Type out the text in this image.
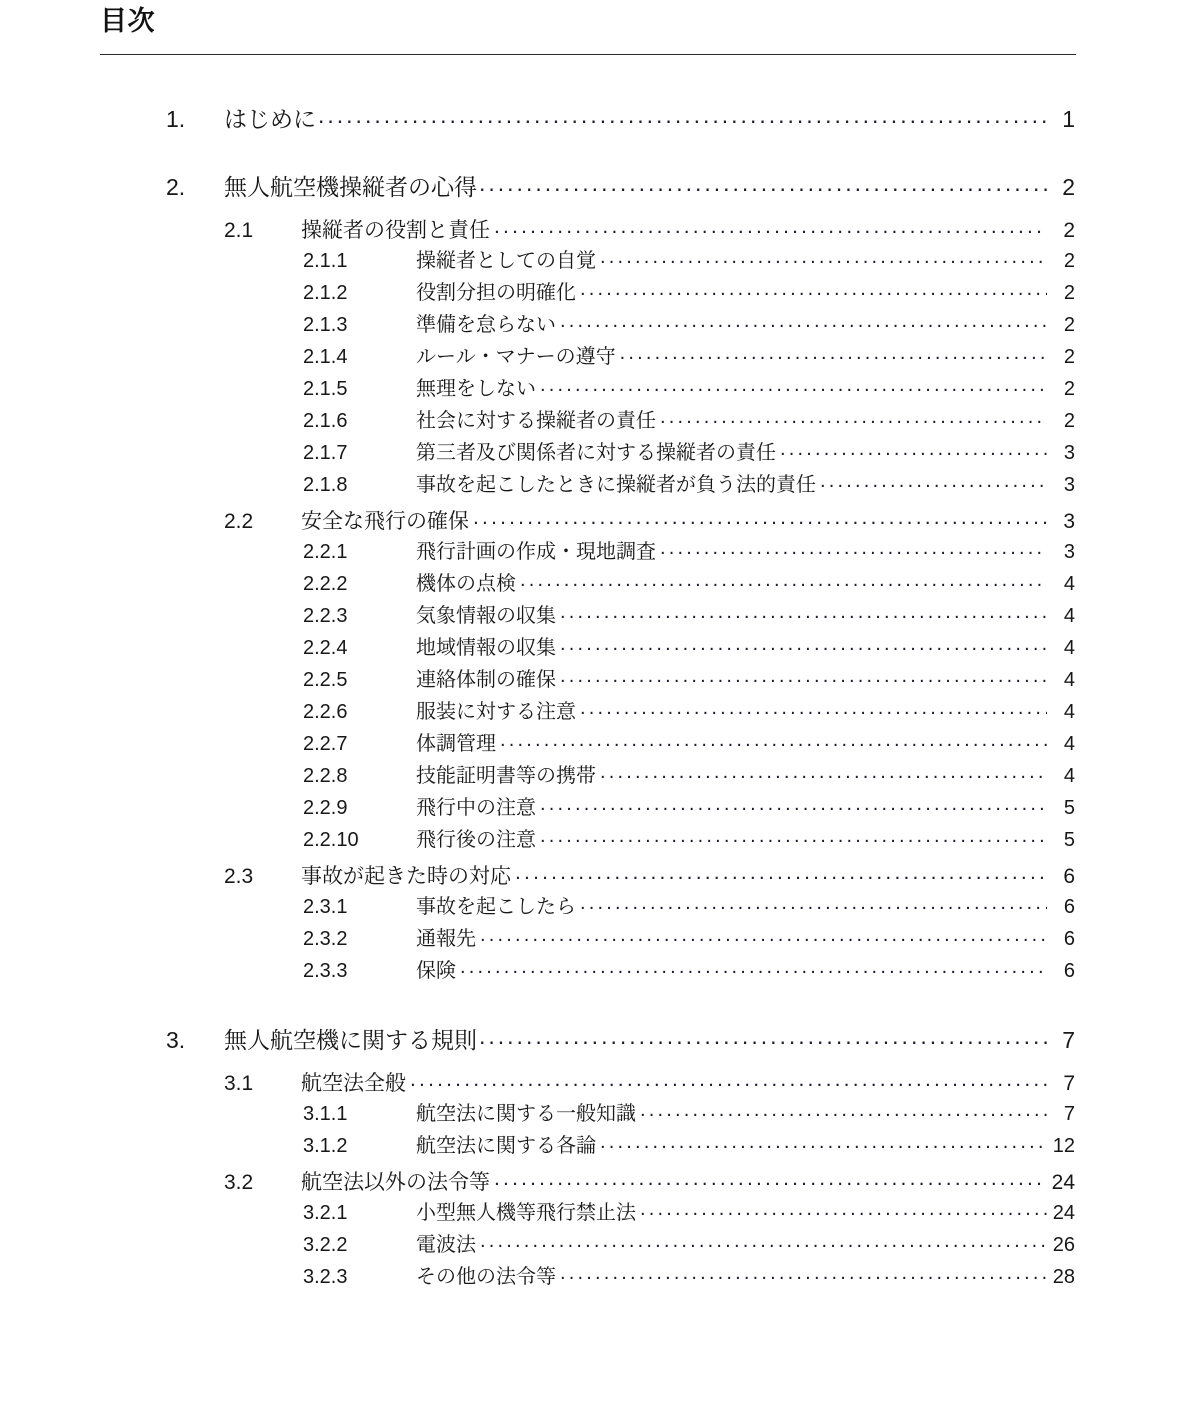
目次
1.	はじめに .....	1
2.	無人航空機操縦者の心得 .....	2
2.1	操縦者の役割と責任 .....	2
2.1.1	操縦者としての自覚 .....	2
2.1.2	役割分担の明確化 .....	2
2.1.3	準備を怠らない .....	2
2.1.4	ルール・マナーの遵守 .....	2
2.1.5	無理をしない .....	2
2.1.6	社会に対する操縦者の責任 .....	2
2.1.7	第三者及び関係者に対する操縦者の責任 .....	3
2.1.8	事故を起こしたときに操縦者が負う法的責任 .....	3
2.2	安全な飛行の確保 .....	3
2.2.1	飛行計画の作成・現地調査 .....	3
2.2.2	機体の点検 .....	4
2.2.3	気象情報の収集 .....	4
2.2.4	地域情報の収集 .....	4
2.2.5	連絡体制の確保 .....	4
2.2.6	服装に対する注意 .....	4
2.2.7	体調管理 .....	4
2.2.8	技能証明書等の携帯 .....	4
2.2.9	飛行中の注意 .....	5
2.2.10	飛行後の注意 .....	5
2.3	事故が起きた時の対応 .....	6
2.3.1	事故を起こしたら .....	6
2.3.2	通報先 .....	6
2.3.3	保険 .....	6
3.	無人航空機に関する規則 .....	7
3.1	航空法全般 .....	7
3.1.1	航空法に関する一般知識 .....	7
3.1.2	航空法に関する各論 .....	12
3.2	航空法以外の法令等 .....	24
3.2.1	小型無人機等飛行禁止法 .....	24
3.2.2	電波法 .....	26
3.2.3	その他の法令等 .....	28
